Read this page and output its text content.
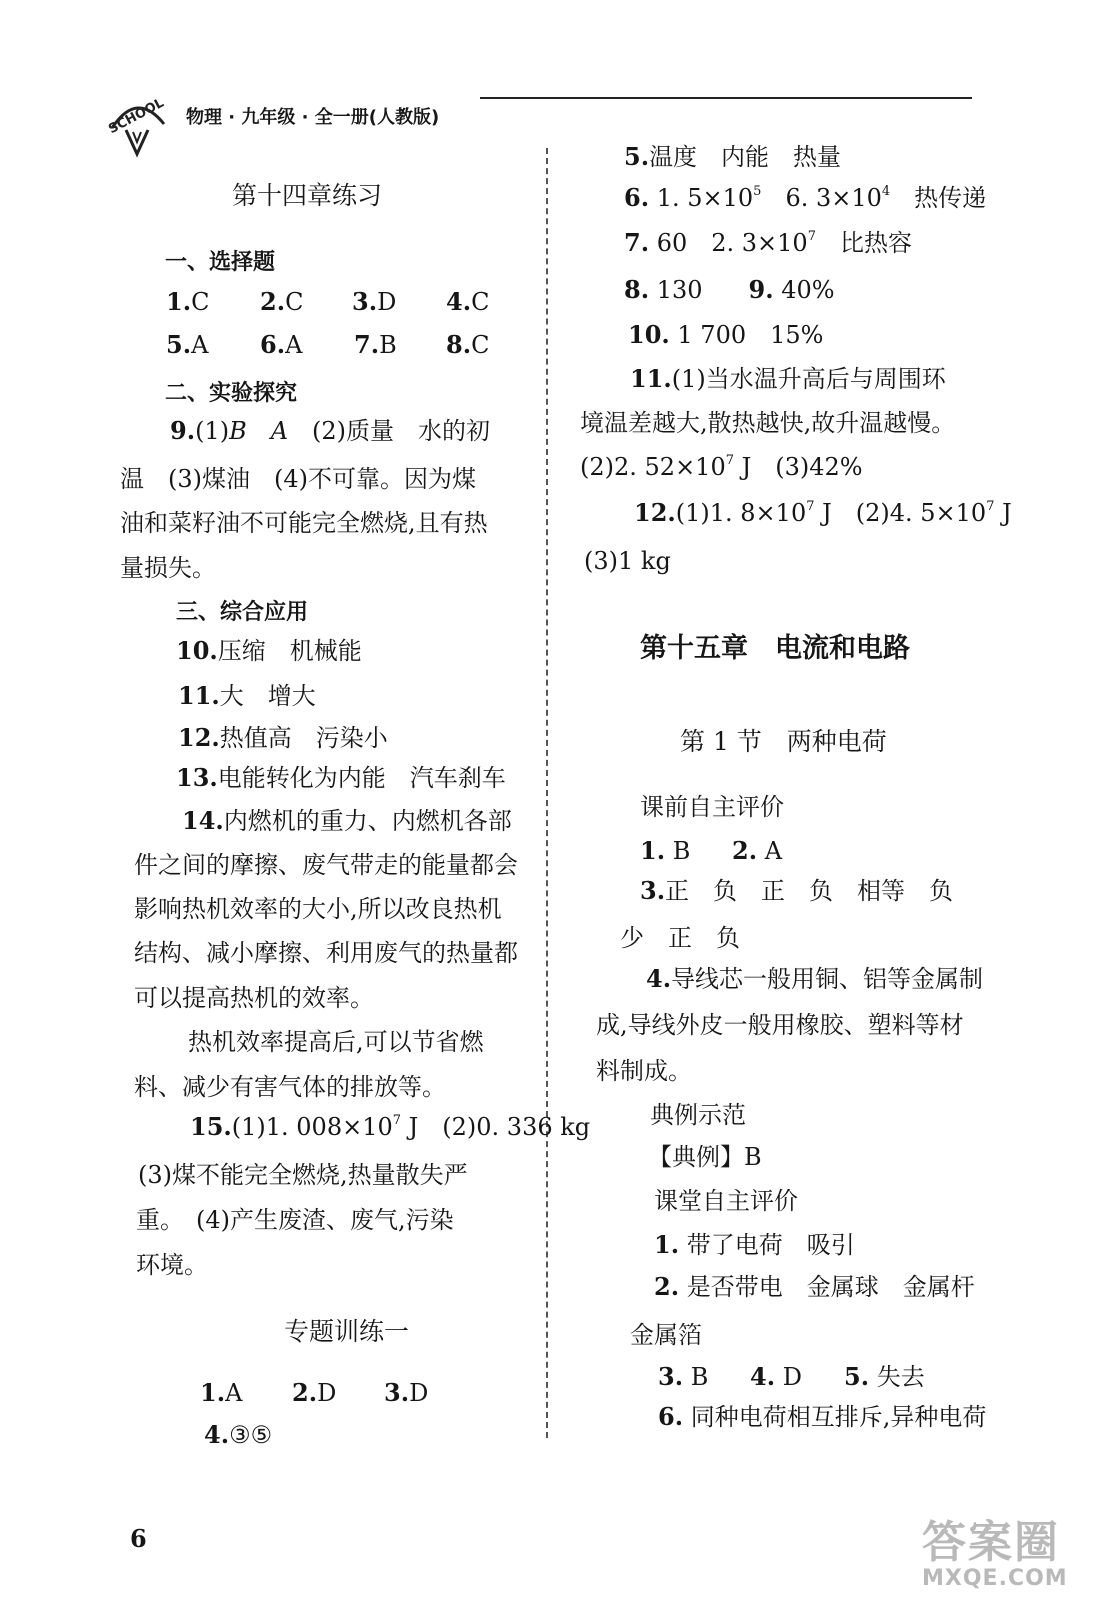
SCHOOL 物理 · 九年级 · 全一册(人教版)
第十四章练习
一、选择题
1.C 2.C 3.D 4.C
5.A 6.A 7.B 8.C
二、实验探究
9.(1)B　 A　 (2)质量　水的初
温　(3)煤油　(4)不可靠。因为煤
油和菜籽油不可能完全燃烧,且有热
量损失。
三、综合应用
10.压缩　机械能
11.大　增大
12.热值高　污染小
13.电能转化为内能　汽车刹车
14.内燃机的重力、内燃机各部
件之间的摩擦、废气带走的能量都会
影响热机效率的大小,所以改良热机
结构、减小摩擦、利用废气的热量都
可以提高热机的效率。
热机效率提高后,可以节省燃
料、减少有害气体的排放等。
15.(1)1. $008\times 10^7$ J　(2)0. 336 kg
(3)煤不能完全燃烧,热量散失严
重。　(4)产生废渣、废气,污染
环境。
专题训练一
1.A 2.D 3.D
4.③⑤
5.温度　内能　热量
6. 1. $5\times 10^5$　 6. $3\times 10^4$　 热传递
7. 60　 2. $3\times 10^7$　 比热容
8. 130 9. 40%
10. 1 700　 15%
11.(1)当水温升高后与周围环
境温差越大,散热越快,故升温越慢。
(2)2. $52\times 10^7$ J　(3)42%
12.(1)1. $8\times 10^7$ J　(2)4. $5\times 10^7$ J
(3)1 kg
第十五章　电流和电路
第 1 节　两种电荷
课前自主评价
1. B 2. A
3.正　负　正　负　相等　负
少　正　负
4.导线芯一般用铜、铝等金属制
成,导线外皮一般用橡胶、塑料等材
料制成。
典例示范
【典例】B
课堂自主评价
1. 带了电荷　吸引
2. 是否带电　金属球　金属杆
金属箔
3. B 4. D 5. 失去
6. 同种电荷相互排斥,异种电荷
6	答案圈
MXQE.COM
